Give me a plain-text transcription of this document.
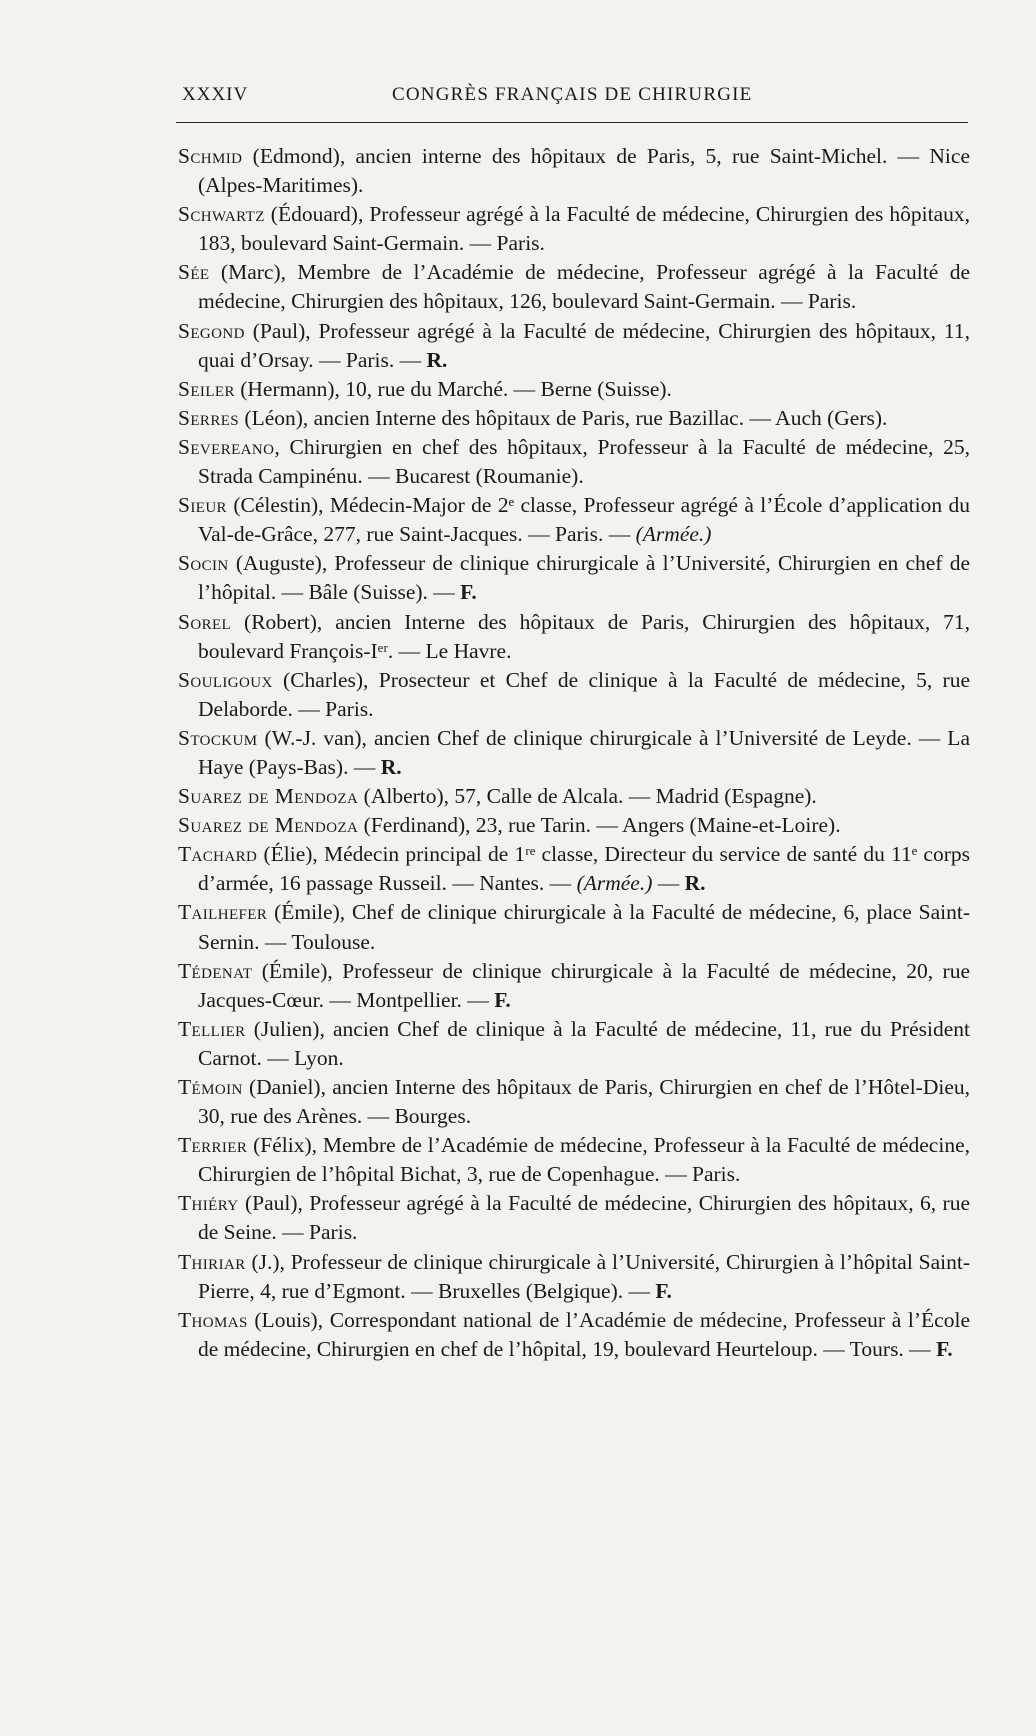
XXXIV	CONGRÈS FRANÇAIS DE CHIRURGIE

Schmid (Edmond), ancien interne des hôpitaux de Paris, 5, rue Saint-Michel. — Nice (Alpes-Maritimes).

Schwartz (Édouard), Professeur agrégé à la Faculté de médecine, Chirurgien des hôpitaux, 183, boulevard Saint-Germain. — Paris.

Sée (Marc), Membre de l’Académie de médecine, Professeur agrégé à la Faculté de médecine, Chirurgien des hôpitaux, 126, boulevard Saint-Germain. — Paris.

Segond (Paul), Professeur agrégé à la Faculté de médecine, Chirurgien des hôpitaux, 11, quai d’Orsay. — Paris. — R.

Seiler (Hermann), 10, rue du Marché. — Berne (Suisse).

Serres (Léon), ancien Interne des hôpitaux de Paris, rue Bazillac. — Auch (Gers).

Severeano, Chirurgien en chef des hôpitaux, Professeur à la Faculté de médecine, 25, Strada Campinénu. — Bucarest (Roumanie).

Sieur (Célestin), Médecin-Major de 2ᵉ classe, Professeur agrégé à l’École d’application du Val-de-Grâce, 277, rue Saint-Jacques. — Paris. — (Armée.)

Socin (Auguste), Professeur de clinique chirurgicale à l’Université, Chirurgien en chef de l’hôpital. — Bâle (Suisse). — F.

Sorel (Robert), ancien Interne des hôpitaux de Paris, Chirurgien des hôpitaux, 71, boulevard François-Iᵉʳ. — Le Havre.

Souligoux (Charles), Prosecteur et Chef de clinique à la Faculté de médecine, 5, rue Delaborde. — Paris.

Stockum (W.-J. van), ancien Chef de clinique chirurgicale à l’Université de Leyde. — La Haye (Pays-Bas). — R.

Suarez de Mendoza (Alberto), 57, Calle de Alcala. — Madrid (Espagne).

Suarez de Mendoza (Ferdinand), 23, rue Tarin. — Angers (Maine-et-Loire).

Tachard (Élie), Médecin principal de 1ʳᵉ classe, Directeur du service de santé du 11ᵉ corps d’armée, 16 passage Russeil. — Nantes. — (Armée.) — R.

Tailhefer (Émile), Chef de clinique chirurgicale à la Faculté de médecine, 6, place Saint-Sernin. — Toulouse.

Tédenat (Émile), Professeur de clinique chirurgicale à la Faculté de médecine, 20, rue Jacques-Cœur. — Montpellier. — F.

Tellier (Julien), ancien Chef de clinique à la Faculté de médecine, 11, rue du Président Carnot. — Lyon.

Témoin (Daniel), ancien Interne des hôpitaux de Paris, Chirurgien en chef de l’Hôtel-Dieu, 30, rue des Arènes. — Bourges.

Terrier (Félix), Membre de l’Académie de médecine, Professeur à la Faculté de médecine, Chirurgien de l’hôpital Bichat, 3, rue de Copenhague. — Paris.

Thiéry (Paul), Professeur agrégé à la Faculté de médecine, Chirurgien des hôpitaux, 6, rue de Seine. — Paris.

Thiriar (J.), Professeur de clinique chirurgicale à l’Université, Chirurgien à l’hôpital Saint-Pierre, 4, rue d’Egmont. — Bruxelles (Belgique). — F.

Thomas (Louis), Correspondant national de l’Académie de médecine, Professeur à l’École de médecine, Chirurgien en chef de l’hôpital, 19, boulevard Heurteloup. — Tours. — F.
